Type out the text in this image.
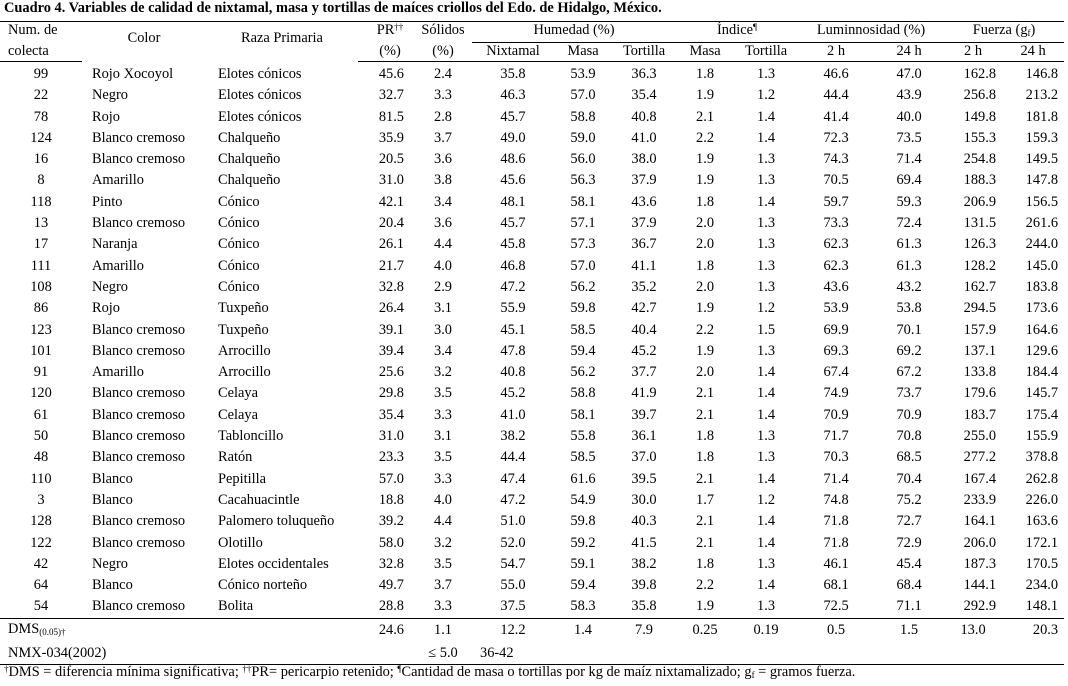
Cuadro 4. Variables de calidad de nixtamal, masa y tortillas de maíces criollos del Edo. de Hidalgo, México.
Num. de	Color	Raza Primaria	PR††	Sólidos	Humedad (%)			Índice¶		Luminnosidad (%)		Fuerza $(g_f)$	
colecta			(%)	(%)	Nixtamal	Masa	Tortilla	Masa	Tortilla	2 h	24 h	2 h	24 h

99	Rojo Xocoyol	Elotes cónicos	45.6	2.4	35.8	53.9	36.3	1.8	1.3	46.6	47.0	162.8	146.8
22	Negro	Elotes cónicos	32.7	3.3	46.3	57.0	35.4	1.9	1.2	44.4	43.9	256.8	213.2
78	Rojo	Elotes cónicos	81.5	2.8	45.7	58.8	40.8	2.1	1.4	41.4	40.0	149.8	181.8
124	Blanco cremoso	Chalqueño	35.9	3.7	49.0	59.0	41.0	2.2	1.4	72.3	73.5	155.3	159.3
16	Blanco cremoso	Chalqueño	20.5	3.6	48.6	56.0	38.0	1.9	1.3	74.3	71.4	254.8	149.5
8	Amarillo	Chalqueño	31.0	3.8	45.6	56.3	37.9	1.9	1.3	70.5	69.4	188.3	147.8
118	Pinto	Cónico	42.1	3.4	48.1	58.1	43.6	1.8	1.4	59.7	59.3	206.9	156.5
13	Blanco cremoso	Cónico	20.4	3.6	45.7	57.1	37.9	2.0	1.3	73.3	72.4	131.5	261.6
17	Naranja	Cónico	26.1	4.4	45.8	57.3	36.7	2.0	1.3	62.3	61.3	126.3	244.0
111	Amarillo	Cónico	21.7	4.0	46.8	57.0	41.1	1.8	1.3	62.3	61.3	128.2	145.0
108	Negro	Cónico	32.8	2.9	47.2	56.2	35.2	2.0	1.3	43.6	43.2	162.7	183.8
86	Rojo	Tuxpeño	26.4	3.1	55.9	59.8	42.7	1.9	1.2	53.9	53.8	294.5	173.6
123	Blanco cremoso	Tuxpeño	39.1	3.0	45.1	58.5	40.4	2.2	1.5	69.9	70.1	157.9	164.6
101	Blanco cremoso	Arrocillo	39.4	3.4	47.8	59.4	45.2	1.9	1.3	69.3	69.2	137.1	129.6
91	Amarillo	Arrocillo	25.6	3.2	40.8	56.2	37.7	2.0	1.4	67.4	67.2	133.8	184.4
120	Blanco cremoso	Celaya	29.8	3.5	45.2	58.8	41.9	2.1	1.4	74.9	73.7	179.6	145.7
61	Blanco cremoso	Celaya	35.4	3.3	41.0	58.1	39.7	2.1	1.4	70.9	70.9	183.7	175.4
50	Blanco cremoso	Tabloncillo	31.0	3.1	38.2	55.8	36.1	1.8	1.3	71.7	70.8	255.0	155.9
48	Blanco cremoso	Ratón	23.3	3.5	44.4	58.5	37.0	1.8	1.3	70.3	68.5	277.2	378.8
110	Blanco	Pepitilla	57.0	3.3	47.4	61.6	39.5	2.1	1.4	71.4	70.4	167.4	262.8
3	Blanco	Cacahuacintle	18.8	4.0	47.2	54.9	30.0	1.7	1.2	74.8	75.2	233.9	226.0
128	Blanco cremoso	Palomero toluqueño	39.2	4.4	51.0	59.8	40.3	2.1	1.4	71.8	72.7	164.1	163.6
122	Blanco cremoso	Olotillo	58.0	3.2	52.0	59.2	41.5	2.1	1.4	71.8	72.9	206.0	172.1
42	Negro	Elotes occidentales	32.8	3.5	54.7	59.1	38.2	1.8	1.3	46.1	45.4	187.3	170.5
64	Blanco	Cónico norteño	49.7	3.7	55.0	59.4	39.8	2.2	1.4	68.1	68.4	144.1	234.0
54	Blanco cremoso	Bolita	28.8	3.3	37.5	58.3	35.8	1.9	1.3	72.5	71.1	292.9	148.1
$DMS_{(0.05)\dagger}$			24.6	1.1	12.2	1.4	7.9	0.25	0.19	0.5	1.5	13.0	20.3
NMX-034(2002)				≤ 5.0	36-42								
†DMS = diferencia mínima significativa; ††PR= pericarpio retenido; ¶Cantidad de masa o tortillas por kg de maíz nixtamalizado; $g_f$ = gramos fuerza.
